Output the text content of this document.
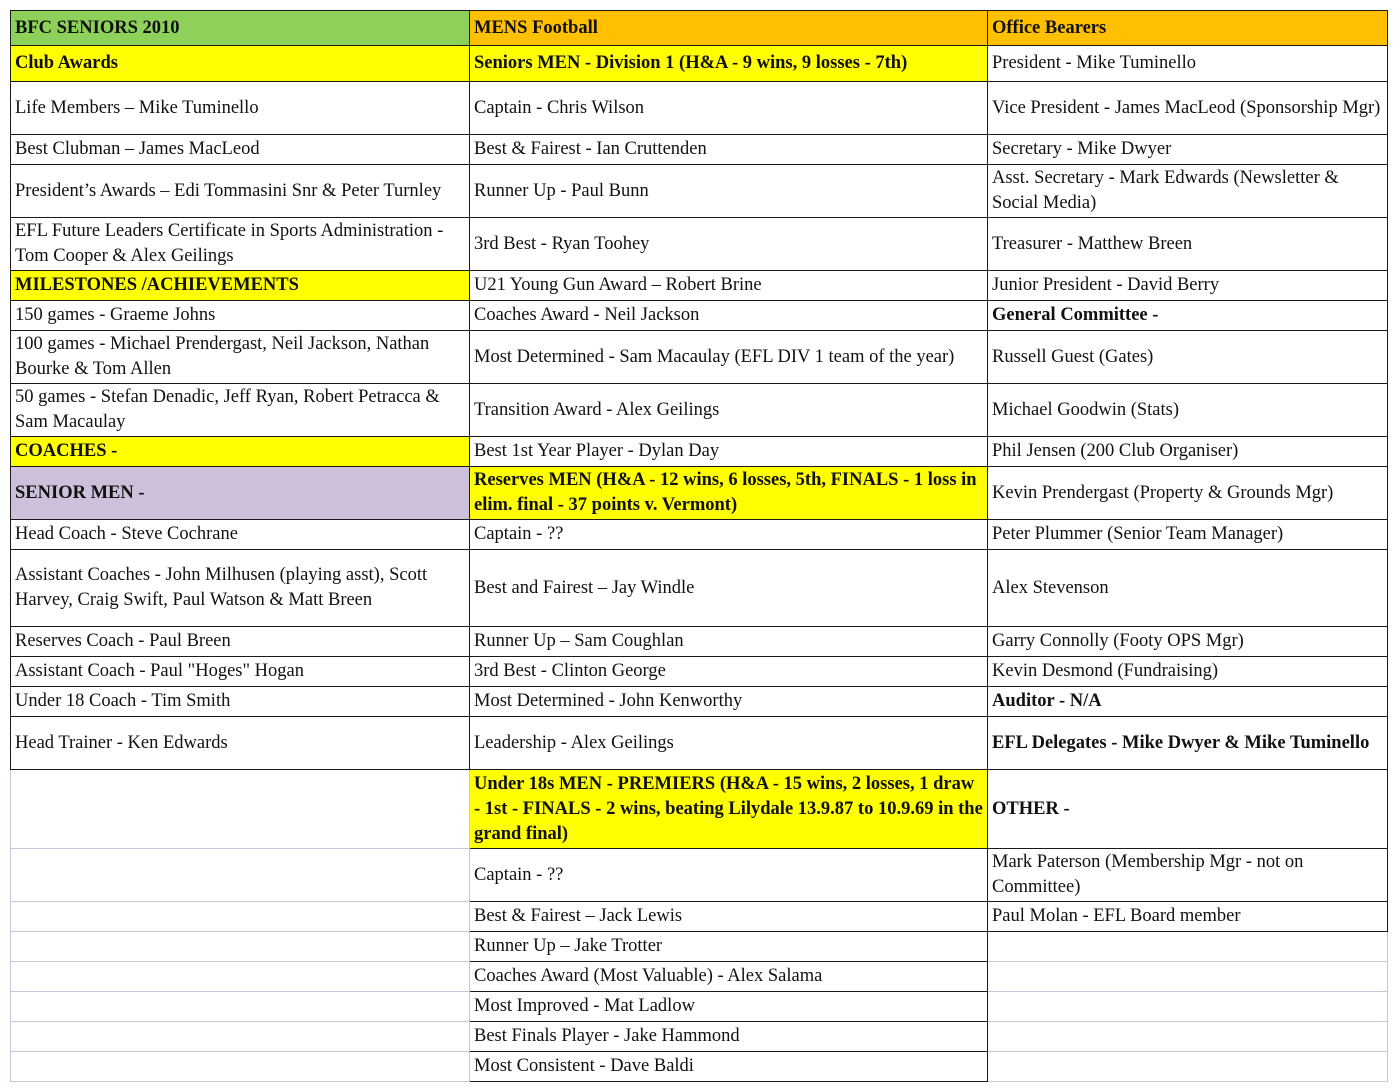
BFC SENIORS 2010	MENS Football	Office Bearers
Club Awards	Seniors MEN - Division 1 (H&A - 9 wins, 9 losses - 7th)	President - Mike Tuminello
Life Members – Mike Tuminello	Captain - Chris Wilson	Vice President - James MacLeod (Sponsorship Mgr)
Best Clubman – James MacLeod	Best & Fairest - Ian Cruttenden	Secretary - Mike Dwyer
President’s Awards – Edi Tommasini Snr & Peter Turnley	Runner Up - Paul Bunn	Asst. Secretary - Mark Edwards (Newsletter & Social Media)
EFL Future Leaders Certificate in Sports Administration - Tom Cooper & Alex Geilings	3rd Best - Ryan Toohey	Treasurer - Matthew Breen
MILESTONES /ACHIEVEMENTS	U21 Young Gun Award – Robert Brine	Junior President - David Berry
150 games - Graeme Johns	Coaches Award - Neil Jackson	General Committee -
100 games - Michael Prendergast, Neil Jackson, Nathan Bourke & Tom Allen	Most Determined - Sam Macaulay (EFL DIV 1 team of the year)	Russell Guest (Gates)
50 games - Stefan Denadic, Jeff Ryan, Robert Petracca & Sam Macaulay	Transition Award - Alex Geilings	Michael Goodwin (Stats)
COACHES -	Best 1st Year Player - Dylan Day	Phil Jensen (200 Club Organiser)
SENIOR MEN -	Reserves MEN (H&A - 12 wins, 6 losses, 5th, FINALS - 1 loss in elim. final - 37 points v. Vermont)	Kevin Prendergast (Property & Grounds Mgr)
Head Coach - Steve Cochrane	Captain - ??	Peter Plummer (Senior Team Manager)
Assistant Coaches - John Milhusen (playing asst), Scott Harvey, Craig Swift, Paul Watson & Matt Breen	Best and Fairest – Jay Windle	Alex Stevenson
Reserves Coach - Paul Breen	Runner Up – Sam Coughlan	Garry Connolly (Footy OPS Mgr)
Assistant Coach - Paul "Hoges" Hogan	3rd Best - Clinton George	Kevin Desmond (Fundraising)
Under 18 Coach - Tim Smith	Most Determined - John Kenworthy	Auditor - N/A
Head Trainer - Ken Edwards	Leadership - Alex Geilings	EFL Delegates - Mike Dwyer & Mike Tuminello
	Under 18s MEN - PREMIERS (H&A - 15 wins, 2 losses, 1 draw - 1st - FINALS - 2 wins, beating Lilydale 13.9.87 to 10.9.69 in the grand final)	OTHER -
	Captain - ??	Mark Paterson (Membership Mgr - not on Committee)
	Best & Fairest – Jack Lewis	Paul Molan - EFL Board member
	Runner Up – Jake Trotter	
	Coaches Award (Most Valuable) - Alex Salama	
	Most Improved - Mat Ladlow	
	Best Finals Player - Jake Hammond	
	Most Consistent - Dave Baldi	
